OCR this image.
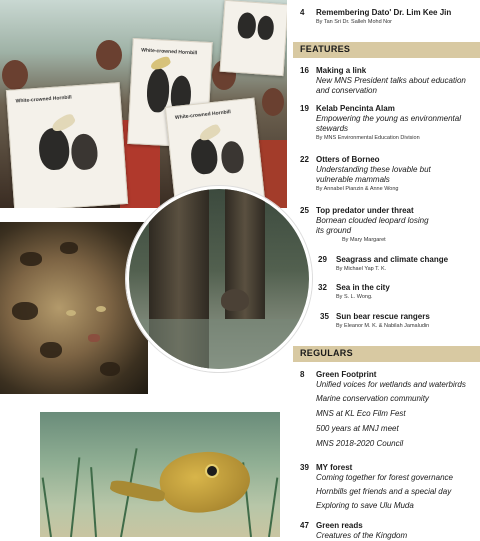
White-crowned Hornbill
White-crowned Hornbill
White-crowned Hornbill
4 Remembering Dato' Dr. Lim Kee Jin
By Tan Sri Dr. Salleh Mohd Nor
FEATURES
16 Making a link
New MNS President talks about education and conservation
19 Kelab Pencinta Alam
Empowering the young as environmental stewards
By MNS Environmental Education Division
22 Otters of Borneo
Understanding these lovable but vulnerable mammals
By Annabel Pianzin & Anne Wong
25 Top predator under threat
Bornean clouded leopard losing its ground
By Mary Margaret
29 Seagrass and climate change
By Michael Yap T. K.
32 Sea in the city
By S. L. Wong.
35 Sun bear rescue rangers
By Eleanor M. K. & Nabilah Jamaludin
REGULARS
8 Green Footprint
Unified voices for wetlands and waterbirds
Marine conservation community
MNS at KL Eco Film Fest
500 years at MNJ meet
MNS 2018-2020 Council
39 MY forest
Coming together for forest governance
Hornbills get friends and a special day
Exploring to save Ulu Muda
47 Green reads
Creatures of the Kingdom
